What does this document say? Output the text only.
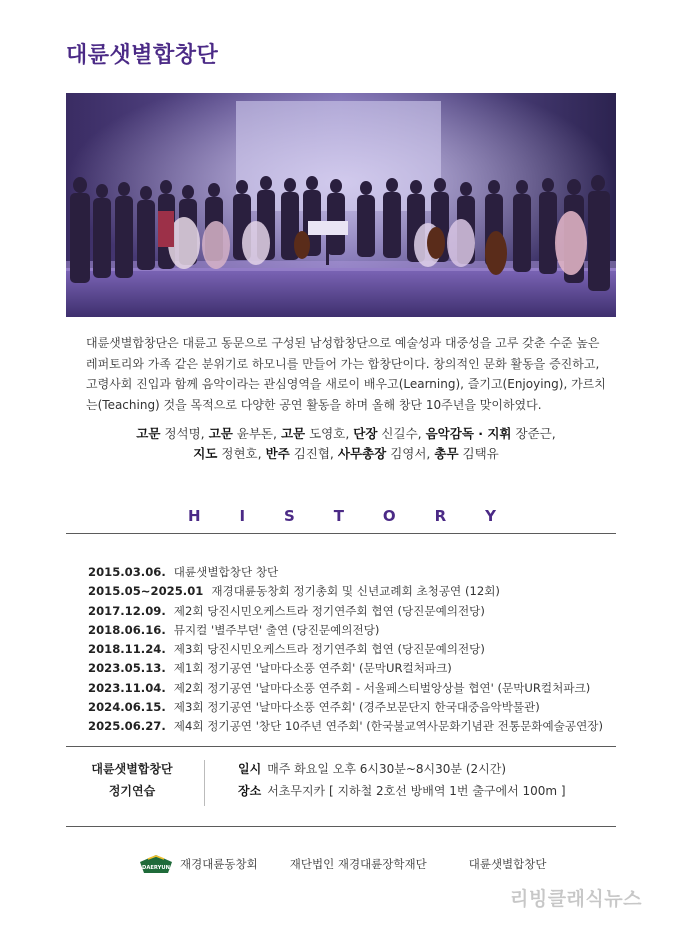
대륜샛별합창단
대륜샛별합창단은 대륜고 동문으로 구성된 남성합창단으로 예술성과 대중성을 고루 갖춘 수준 높은 레퍼토리와 가족 같은 분위기로 하모니를 만들어 가는 합창단이다. 창의적인 문화 활동을 증진하고, 고령사회 진입과 함께 음악이라는 관심영역을 새로이 배우고(Learning), 즐기고(Enjoying), 가르치는(Teaching) 것을 목적으로 다양한 공연 활동을 하며 올해 창단 10주년을 맞이하였다.
고문 정석명, 고문 윤부돈, 고문 도영호, 단장 신길수, 음악감독 · 지휘 장준근,
지도 정현호, 반주 김진협, 사무총장 김영서, 총무 김택유
H	I	S	T	O	R	Y
2015.03.06. 대륜샛별합창단 창단
2015.05~2025.01 재경대륜동창회 정기총회 및 신년교례회 초청공연 (12회)
2017.12.09. 제2회 당진시민오케스트라 정기연주회 협연 (당진문예의전당)
2018.06.16. 뮤지컬 '별주부뎐' 출연 (당진문예의전당)
2018.11.24. 제3회 당진시민오케스트라 정기연주회 협연 (당진문예의전당)
2023.05.13. 제1회 정기공연 '날마다소풍 연주회' (문막UR컬처파크)
2023.11.04. 제2회 정기공연 '날마다소풍 연주회 - 서울페스티벌앙상블 협연' (문막UR컬처파크)
2024.06.15. 제3회 정기공연 '날마다소풍 연주회' (경주보문단지 한국대중음악박물관)
2025.06.27. 제4회 정기공연 '창단 10주년 연주회' (한국불교역사문화기념관 전통문화예술공연장)
대륜샛별합창단
정기연습
일시 매주 화요일 오후 6시30분~8시30분 (2시간)
장소 서초무지카 [ 지하철 2호선 방배역 1번 출구에서 100m ]
DAERYUN 재경대륜동창회	재단법인 재경대륜장학재단	대륜샛별합창단
리빙클래식뉴스
